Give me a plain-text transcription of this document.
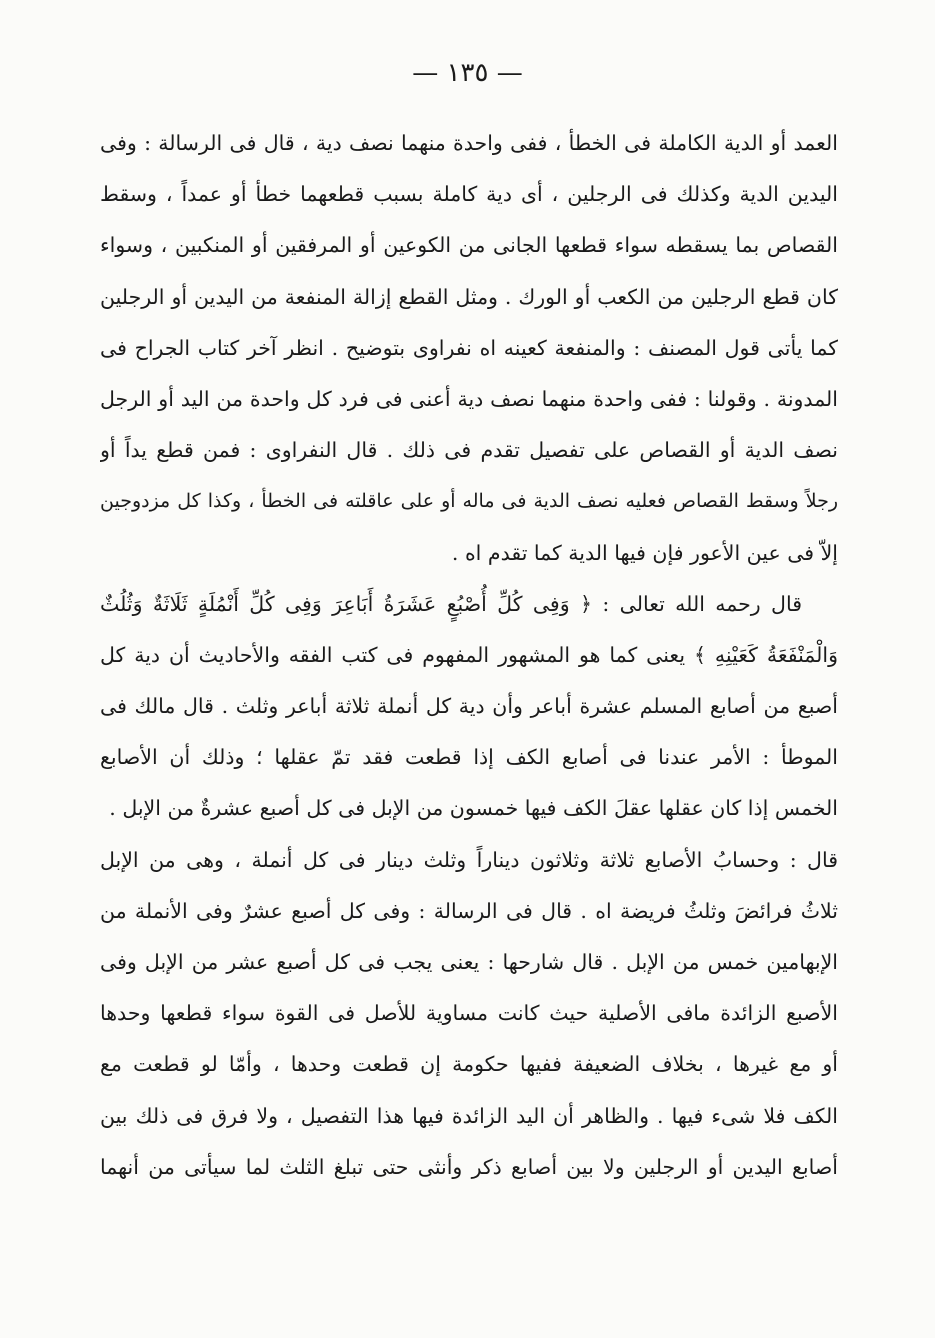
— ١٣٥ —
العمد أو الدية الكاملة فى الخطأ ، ففى واحدة منهما نصف دية ، قال فى الرسالة : وفى
اليدين الدية وكذلك فى الرجلين ، أى دية كاملة بسبب قطعهما خطأ أو عمداً ، وسقط
القصاص بما يسقطه سواء قطعها الجانى من الكوعين أو المرفقين أو المنكبين ، وسواء
كان قطع الرجلين من الكعب أو الورك . ومثل القطع إزالة المنفعة من اليدين أو الرجلين
كما يأتى قول المصنف : والمنفعة كعينه اه نفراوى بتوضيح . انظر آخر كتاب الجراح فى
المدونة . وقولنا : ففى واحدة منهما نصف دية أعنى فى فرد كل واحدة من اليد أو الرجل
نصف الدية أو القصاص على تفصيل تقدم فى ذلك . قال النفراوى : فمن قطع يداً أو
رجلاً وسقط القصاص فعليه نصف الدية فى ماله أو على عاقلته فى الخطأ ، وكذا كل مزدوجين
إلاّ فى عين الأعور فإن فيها الدية كما تقدم اه .
قال رحمه الله تعالى : ﴿ وَفِى كُلِّ أُصْبُعٍ عَشَرَةُ أَبَاعِرَ وَفِى كُلِّ أَنْمُلَةٍ ثَلَاثَةٌ وَثُلُثٌ
وَالْمَنْفَعَةُ كَعَيْنِهِ ﴾ يعنى كما هو المشهور المفهوم فى كتب الفقه والأحاديث أن دية كل
أصبع من أصابع المسلم عشرة أباعر وأن دية كل أنملة ثلاثة أباعر وثلث . قال مالك فى
الموطأ : الأمر عندنا فى أصابع الكف إذا قطعت فقد تمّ عقلها ؛ وذلك أن الأصابع
الخمس إذا كان عقلها عقلَ الكف فيها خمسون من الإبل فى كل أصبع عشرةٌ من الإبل .
قال : وحسابُ الأصابع ثلاثة وثلاثون ديناراً وثلث دينار فى كل أنملة ، وهى من الإبل
ثلاثُ فرائضَ وثلثُ فريضة اه . قال فى الرسالة : وفى كل أصبع عشرٌ وفى الأنملة من
الإبهامين خمس من الإبل . قال شارحها : يعنى يجب فى كل أصبع عشر من الإبل وفى
الأصبع الزائدة مافى الأصلية حيث كانت مساوية للأصل فى القوة سواء قطعها وحدها
أو مع غيرها ، بخلاف الضعيفة ففيها حكومة إن قطعت وحدها ، وأمّا لو قطعت مع
الكف فلا شىء فيها . والظاهر أن اليد الزائدة فيها هذا التفصيل ، ولا فرق فى ذلك بين
أصابع اليدين أو الرجلين ولا بين أصابع ذكر وأنثى حتى تبلغ الثلث لما سيأتى من أنهما
